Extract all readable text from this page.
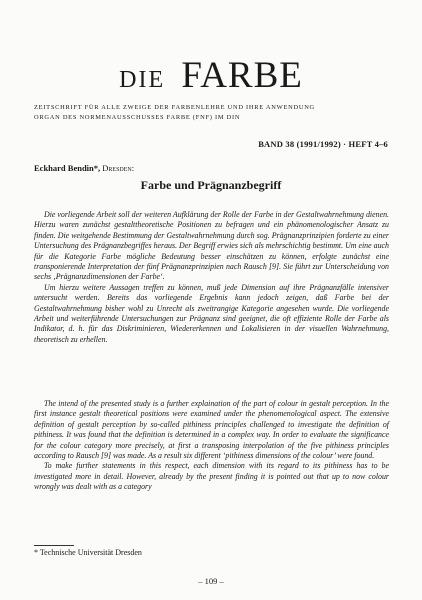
DIE FARBE
ZEITSCHRIFT FÜR ALLE ZWEIGE DER FARBENLEHRE UND IHRE ANWENDUNG
ORGAN DES NORMENAUSSCHUSSES FARBE (FNF) IM DIN
BAND 38 (1991/1992) · HEFT 4–6
Eckhard Bendin*, Dresden:
Farbe und Prägnanzbegriff

Die vorliegende Arbeit soll der weiteren Aufklärung der Rolle der Farbe in der Gestaltwahrnehmung dienen. Hierzu waren zunächst gestalttheoretische Positionen zu befragen und ein phänomenologischer Ansatz zu finden. Die weitgehende Bestimmung der Gestaltwahrnehmung durch sog. Prägnanzprinzipien forderte zu einer Untersuchung des Prägnanzbegriffes heraus. Der Begriff erwies sich als mehrschichtig bestimmt. Um eine auch für die Kategorie Farbe mögliche Bedeutung besser einschätzen zu können, erfolgte zunächst eine transponierende Interpretation der fünf Prägnanzprinzipien nach Rausch [9]. Sie führt zur Unterscheidung von sechs ‚Prägnanzdimensionen der Farbe‘.

Um hierzu weitere Aussagen treffen zu können, muß jede Dimension auf ihre Prägnanzfälle intensiver untersucht werden. Bereits das vorliegende Ergebnis kann jedoch zeigen, daß Farbe bei der Gestaltwahrnehmung bisher wohl zu Unrecht als zweitrangige Kategorie angesehen wurde. Die vorliegende Arbeit und weiterführende Untersuchungen zur Prägnanz sind geeignet, die oft effiziente Rolle der Farbe als Indikator, d. h. für das Diskriminieren, Wiedererkennen und Lokalisieren in der visuellen Wahrnehmung, theoretisch zu erhellen.

The intend of the presented study is a further explaination of the part of colour in gestalt perception. In the first instance gestalt theoretical positions were examined under the phenomenological aspect. The extensive definition of gestalt perception by so-called pithiness principles challenged to investigate the definition of pithiness. It was found that the definition is determined in a complex way. In order to evaluate the significance for the colour category more precisely, at first a transposing interpolation of the five pithiness principles according to Rausch [9] was made. As a result six different ‘pithiness dimensions of the colour’ were found.

To make further statements in this respect, each dimension with its regard to its pithiness has to be investigated more in detail. However, already by the present finding it is pointed out that up to now colour wrongly was dealt with as a category

* Technische Universität Dresden
– 109 –
